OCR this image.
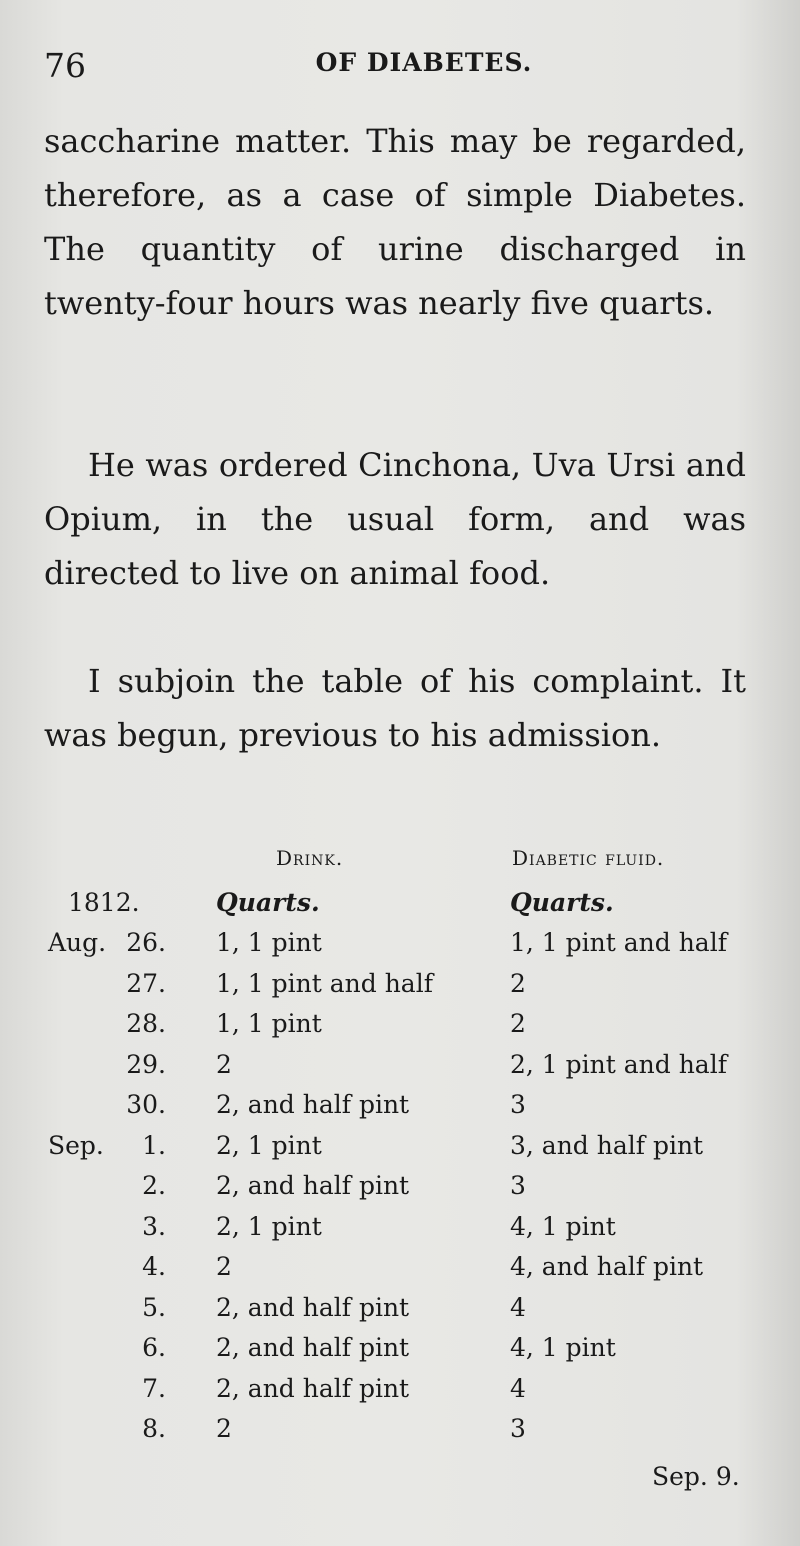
76	OF DIABETES.
saccharine matter. This may be regarded, therefore, as a case of simple Diabetes. The quantity of urine discharged in twenty-four hours was nearly five quarts.
He was ordered Cinchona, Uva Ursi and Opium, in the usual form, and was directed to live on animal food.
I subjoin the table of his complaint. It was begun, previous to his admission.
Drink.	Diabetic fluid.
1812.	Quarts.	Quarts.
Aug. 26. 1, 1 pint	1, 1 pint and half
27. 1, 1 pint and half	2
28. 1, 1 pint	2
29. 2	2, 1 pint and half
30. 2, and half pint	3
Sep. 1. 2, 1 pint	3, and half pint
2. 2, and half pint	3
3. 2, 1 pint	4, 1 pint
4. 2	4, and half pint
5. 2, and half pint	4
6. 2, and half pint	4, 1 pint
7. 2, and half pint	4
8. 2	3
Sep. 9.
